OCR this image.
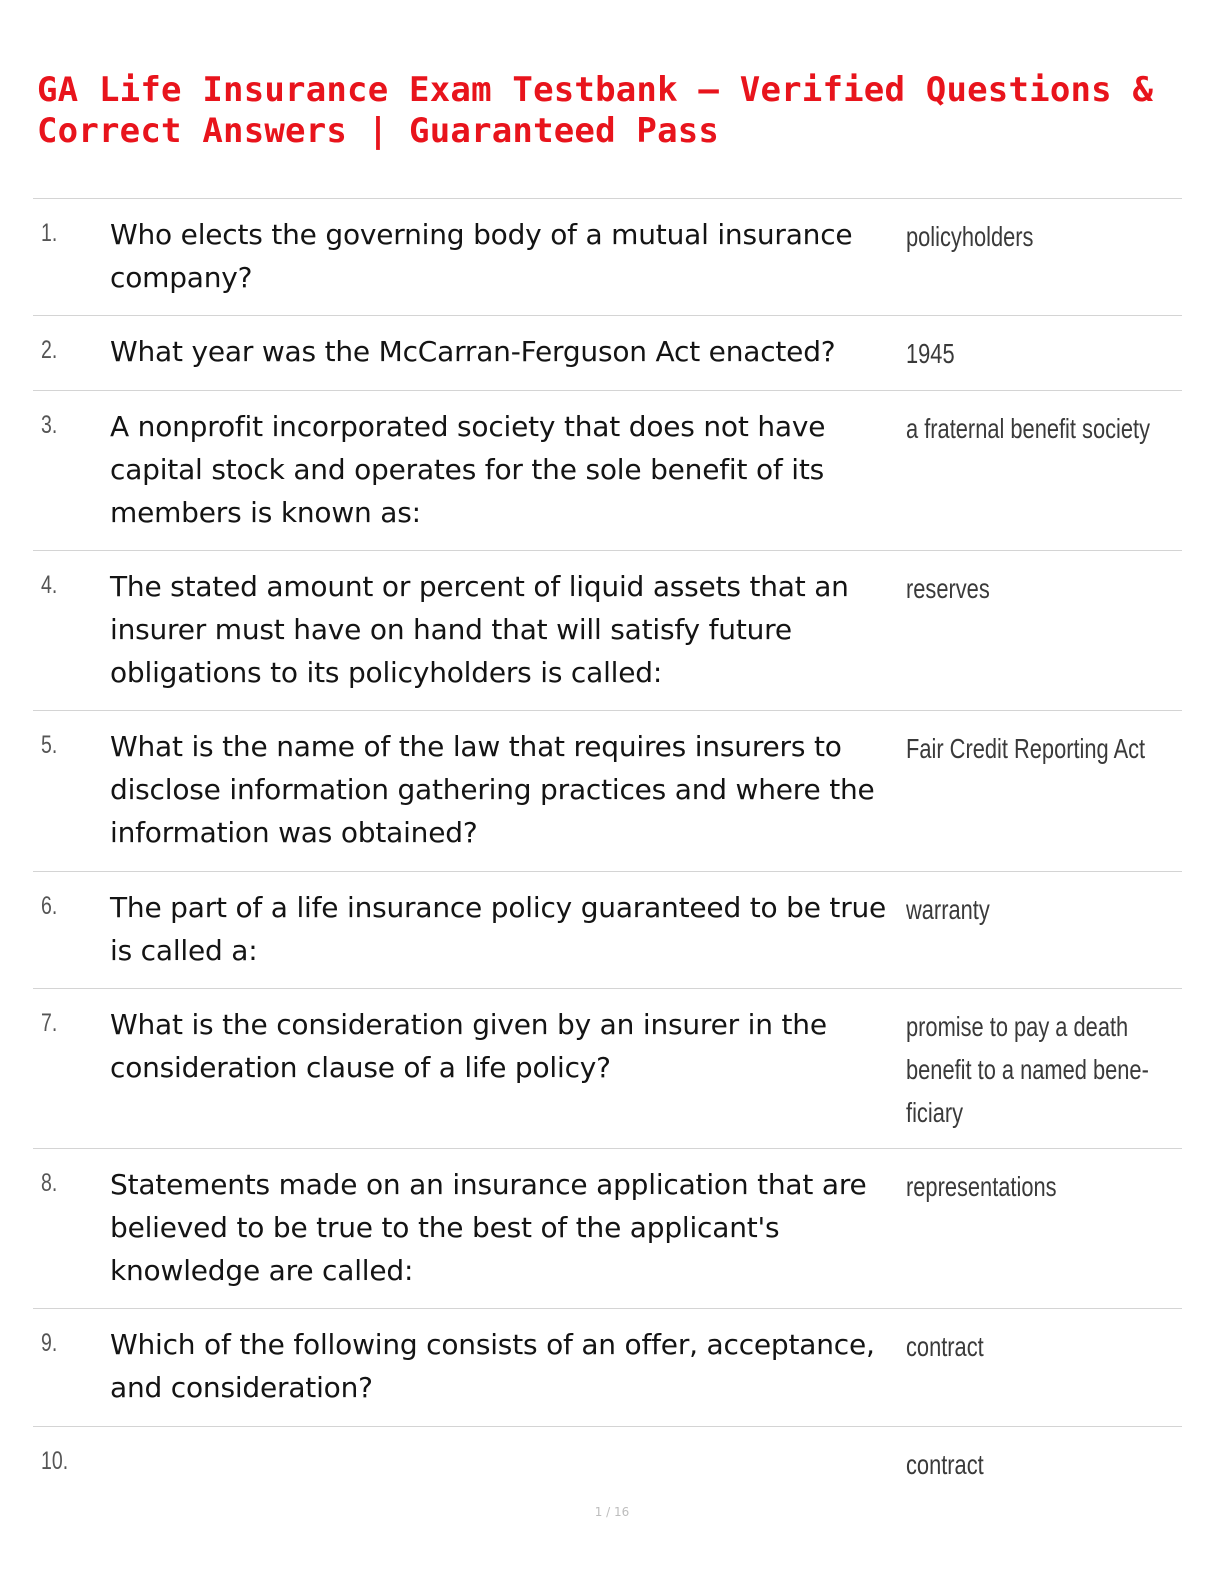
GA Life Insurance Exam Testbank – Verified Questions & Correct Answers | Guaranteed Pass
1. Who elects the governing body of a mutual insurance company?
policyholders
2. What year was the McCarran-Ferguson Act enacted?	1945
3. A nonprofit incorporated society that does not have capital stock and operates for the sole benefit of its members is known as:
a fraternal benefit society
4. The stated amount or percent of liquid assets that an insurer must have on hand that will satisfy future obligations to its policyholders is called:
reserves
5. What is the name of the law that requires insurers to disclose information gathering practices and where the information was obtained?
Fair Credit Reporting Act
6. The part of a life insurance policy guaranteed to be true is called a:
warranty
7. What is the consideration given by an insurer in the consideration clause of a life policy?
promise to pay a death benefit to a named bene- ficiary
8. Statements made on an insurance application that are believed to be true to the best of the applicant's knowledge are called:
representations
9. Which of the following consists of an offer, acceptance, and consideration?
contract
10.	contract
1 / 16
